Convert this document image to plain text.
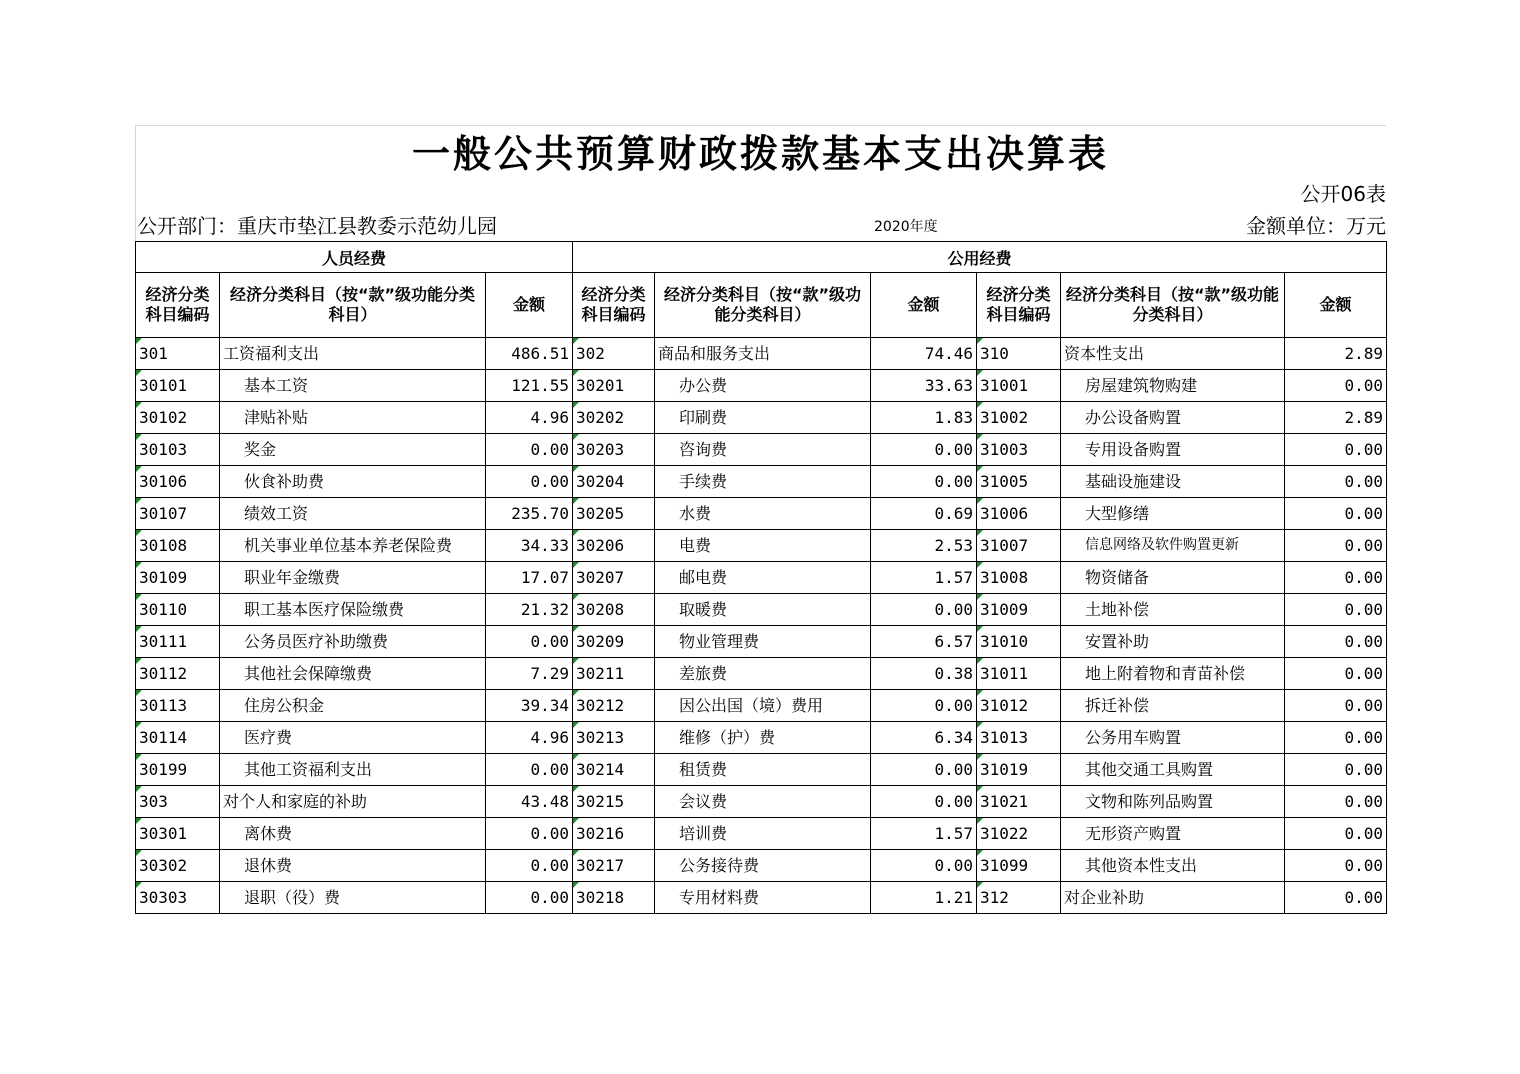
一般公共预算财政拨款基本支出决算表
公开06表
公开部门：重庆市垫江县教委示范幼儿园	2020年度	金额单位：万元
人员经费			公用经费					
经济分类科目编码	经济分类科目（按“款”级功能分类科目）	金额	经济分类科目编码	经济分类科目（按“款”级功能分类科目）	金额	经济分类科目编码	经济分类科目（按“款”级功能分类科目）	金额
301	工资福利支出	486.51	302	商品和服务支出	74.46	310	资本性支出	2.89
30101	基本工资	121.55	30201	办公费	33.63	31001	房屋建筑物购建	0.00
30102	津贴补贴	4.96	30202	印刷费	1.83	31002	办公设备购置	2.89
30103	奖金	0.00	30203	咨询费	0.00	31003	专用设备购置	0.00
30106	伙食补助费	0.00	30204	手续费	0.00	31005	基础设施建设	0.00
30107	绩效工资	235.70	30205	水费	0.69	31006	大型修缮	0.00
30108	机关事业单位基本养老保险费	34.33	30206	电费	2.53	31007	信息网络及软件购置更新	0.00
30109	职业年金缴费	17.07	30207	邮电费	1.57	31008	物资储备	0.00
30110	职工基本医疗保险缴费	21.32	30208	取暖费	0.00	31009	土地补偿	0.00
30111	公务员医疗补助缴费	0.00	30209	物业管理费	6.57	31010	安置补助	0.00
30112	其他社会保障缴费	7.29	30211	差旅费	0.38	31011	地上附着物和青苗补偿	0.00
30113	住房公积金	39.34	30212	因公出国（境）费用	0.00	31012	拆迁补偿	0.00
30114	医疗费	4.96	30213	维修（护）费	6.34	31013	公务用车购置	0.00
30199	其他工资福利支出	0.00	30214	租赁费	0.00	31019	其他交通工具购置	0.00
303	对个人和家庭的补助	43.48	30215	会议费	0.00	31021	文物和陈列品购置	0.00
30301	离休费	0.00	30216	培训费	1.57	31022	无形资产购置	0.00
30302	退休费	0.00	30217	公务接待费	0.00	31099	其他资本性支出	0.00
30303	退职（役）费	0.00	30218	专用材料费	1.21	312	对企业补助	0.00
